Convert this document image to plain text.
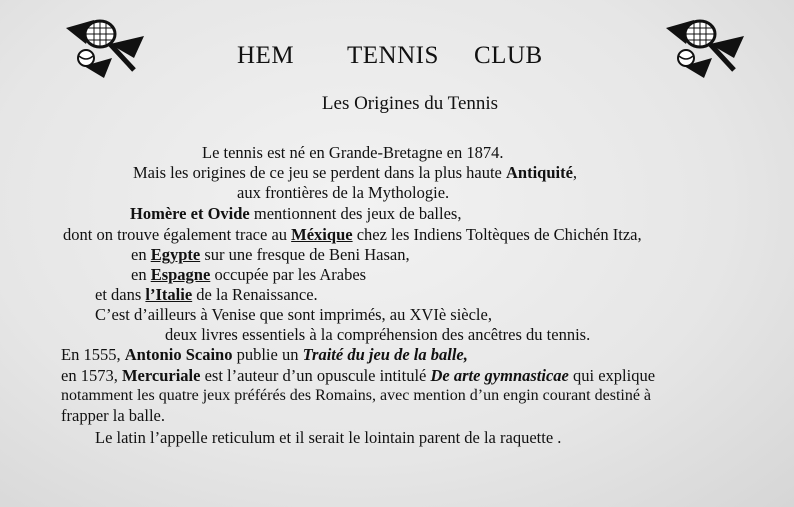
HEM TENNIS CLUB
Les Origines du Tennis
Le tennis est né en Grande-Bretagne en 1874.
Mais les origines de ce jeu se perdent dans la plus haute Antiquité,
aux frontières de la Mythologie.
Homère et Ovide mentionnent des jeux de balles,
dont on trouve également trace au Méxique chez les Indiens Toltèques de Chichén Itza,
en Egypte sur une fresque de Beni Hasan,
en Espagne occupée par les Arabes
et dans l’Italie de la Renaissance.
C’est d’ailleurs à Venise que sont imprimés, au XVIè siècle,
deux livres essentiels à la compréhension des ancêtres du tennis.
En 1555, Antonio Scaino publie un Traité du jeu de la balle,
en 1573, Mercuriale est l’auteur d’un opuscule intitulé De arte gymnasticae qui explique
notamment les quatre jeux préférés des Romains, avec mention d’un engin courant destiné à
frapper la balle.
Le latin l’appelle reticulum et il serait le lointain parent de la raquette .
